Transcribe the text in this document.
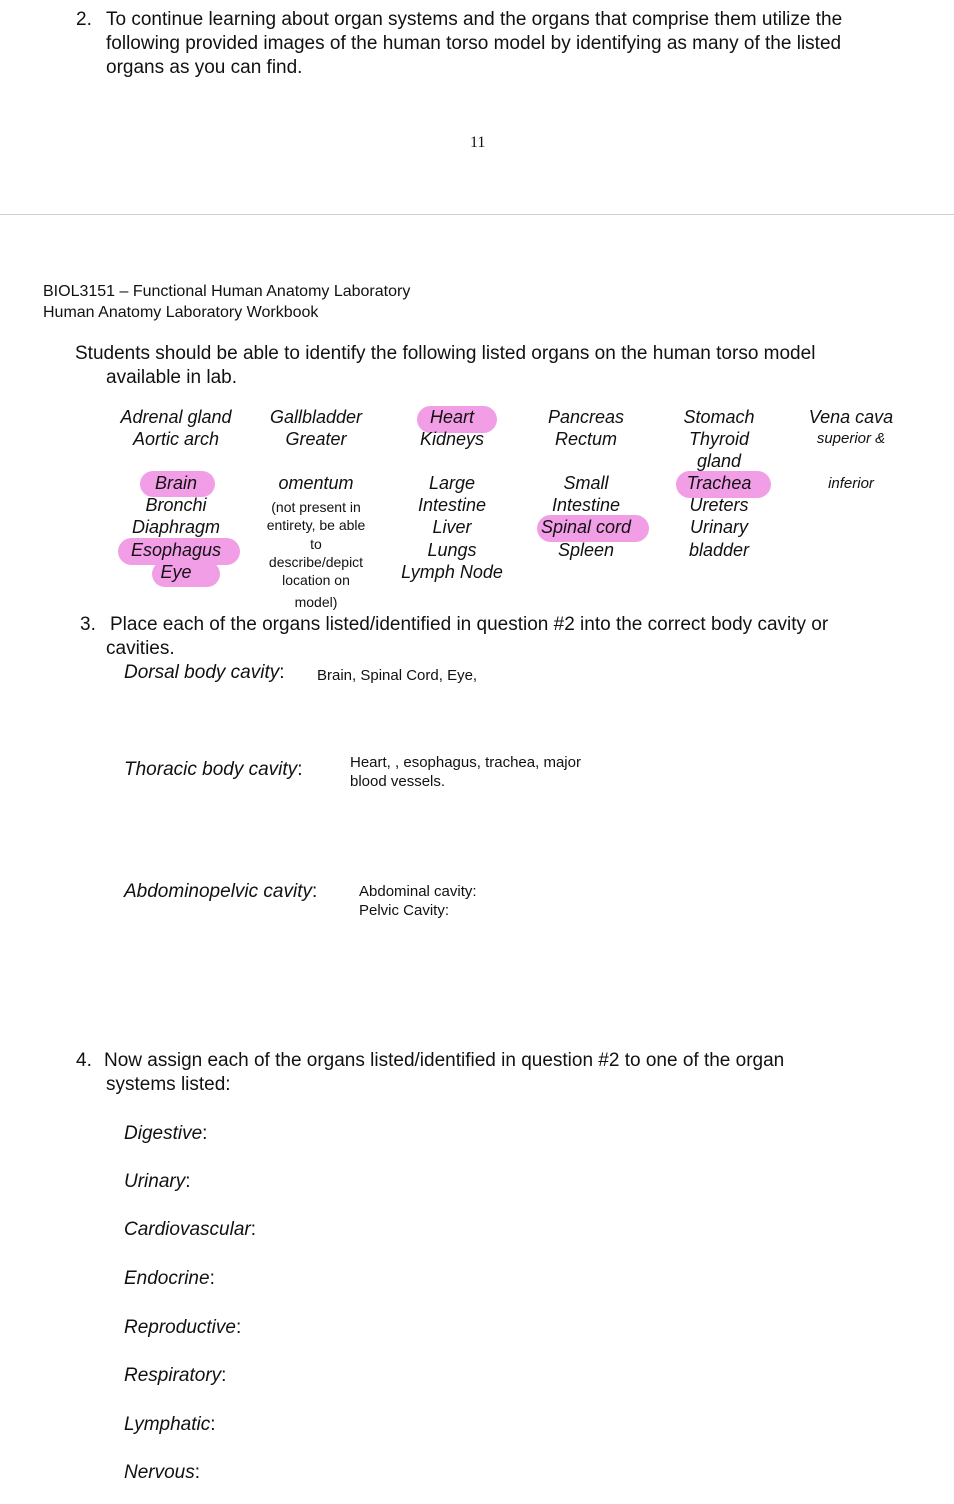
2. To continue learning about organ systems and the organs that comprise them utilize the
following provided images of the human torso model by identifying as many of the listed
organs as you can find.
11
BIOL3151 – Functional Human Anatomy Laboratory
Human Anatomy Laboratory Workbook
Students should be able to identify the following listed organs on the human torso model
available in lab.
Adrenal gland
Aortic arch
Brain
Bronchi
Diaphragm
Esophagus
Eye
Gallbladder
Greater
omentum
(not present in
entirety, be able
to
describe/depict
location on
model)
Heart
Kidneys
Large
Intestine
Liver
Lungs
Lymph Node
Pancreas
Rectum
Small
Intestine
Spinal cord
Spleen
Stomach
Thyroid
gland
Trachea
Ureters
Urinary
bladder
Vena cava
superior &
inferior
3. Place each of the organs listed/identified in question #2 into the correct body cavity or
cavities.
Dorsal body cavity: Brain, Spinal Cord, Eye,
Thoracic body cavity:	Heart, , esophagus, trachea, major
blood vessels.
Abdominopelvic cavity:	Abdominal cavity:
Pelvic Cavity:
4. Now assign each of the organs listed/identified in question #2 to one of the organ
systems listed:
Digestive:
Urinary:
Cardiovascular:
Endocrine:
Reproductive:
Respiratory:
Lymphatic:
Nervous:
